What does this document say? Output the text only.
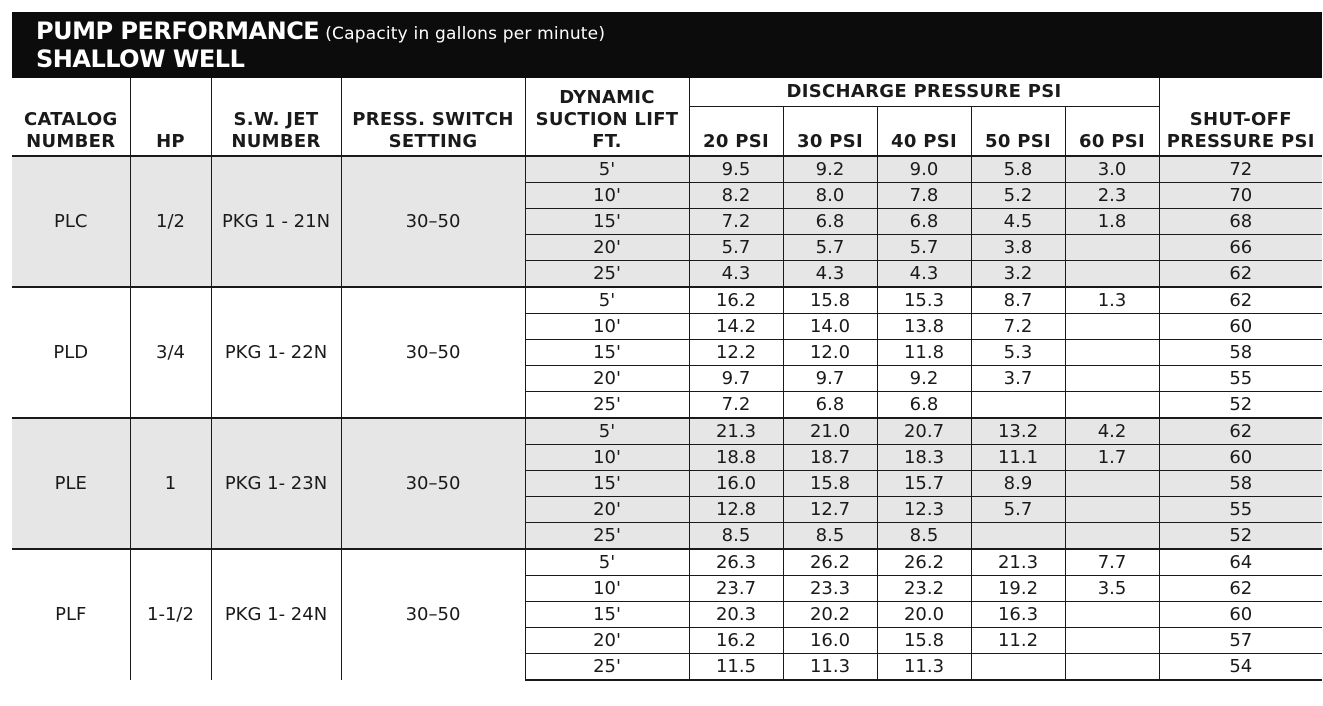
PUMP PERFORMANCE (Capacity in gallons per minute)
SHALLOW WELL
CATALOG NUMBER	HP	S.W. JET NUMBER	PRESS. SWITCH SETTING	DYNAMIC SUCTION LIFT FT.	DISCHARGE PRESSURE PSI					SHUT-OFF PRESSURE PSI
					20 PSI	30 PSI	40 PSI	50 PSI	60 PSI	
PLC	1/2	PKG 1 - 21N	30–50	5'	9.5	9.2	9.0	5.8	3.0	72
				10'	8.2	8.0	7.8	5.2	2.3	70
				15'	7.2	6.8	6.8	4.5	1.8	68
				20'	5.7	5.7	5.7	3.8		66
				25'	4.3	4.3	4.3	3.2		62
PLD	3/4	PKG 1- 22N	30–50	5'	16.2	15.8	15.3	8.7	1.3	62
				10'	14.2	14.0	13.8	7.2		60
				15'	12.2	12.0	11.8	5.3		58
				20'	9.7	9.7	9.2	3.7		55
				25'	7.2	6.8	6.8			52
PLE	1	PKG 1- 23N	30–50	5'	21.3	21.0	20.7	13.2	4.2	62
				10'	18.8	18.7	18.3	11.1	1.7	60
				15'	16.0	15.8	15.7	8.9		58
				20'	12.8	12.7	12.3	5.7		55
				25'	8.5	8.5	8.5			52
PLF	1-1/2	PKG 1- 24N	30–50	5'	26.3	26.2	26.2	21.3	7.7	64
				10'	23.7	23.3	23.2	19.2	3.5	62
				15'	20.3	20.2	20.0	16.3		60
				20'	16.2	16.0	15.8	11.2		57
				25'	11.5	11.3	11.3			54
